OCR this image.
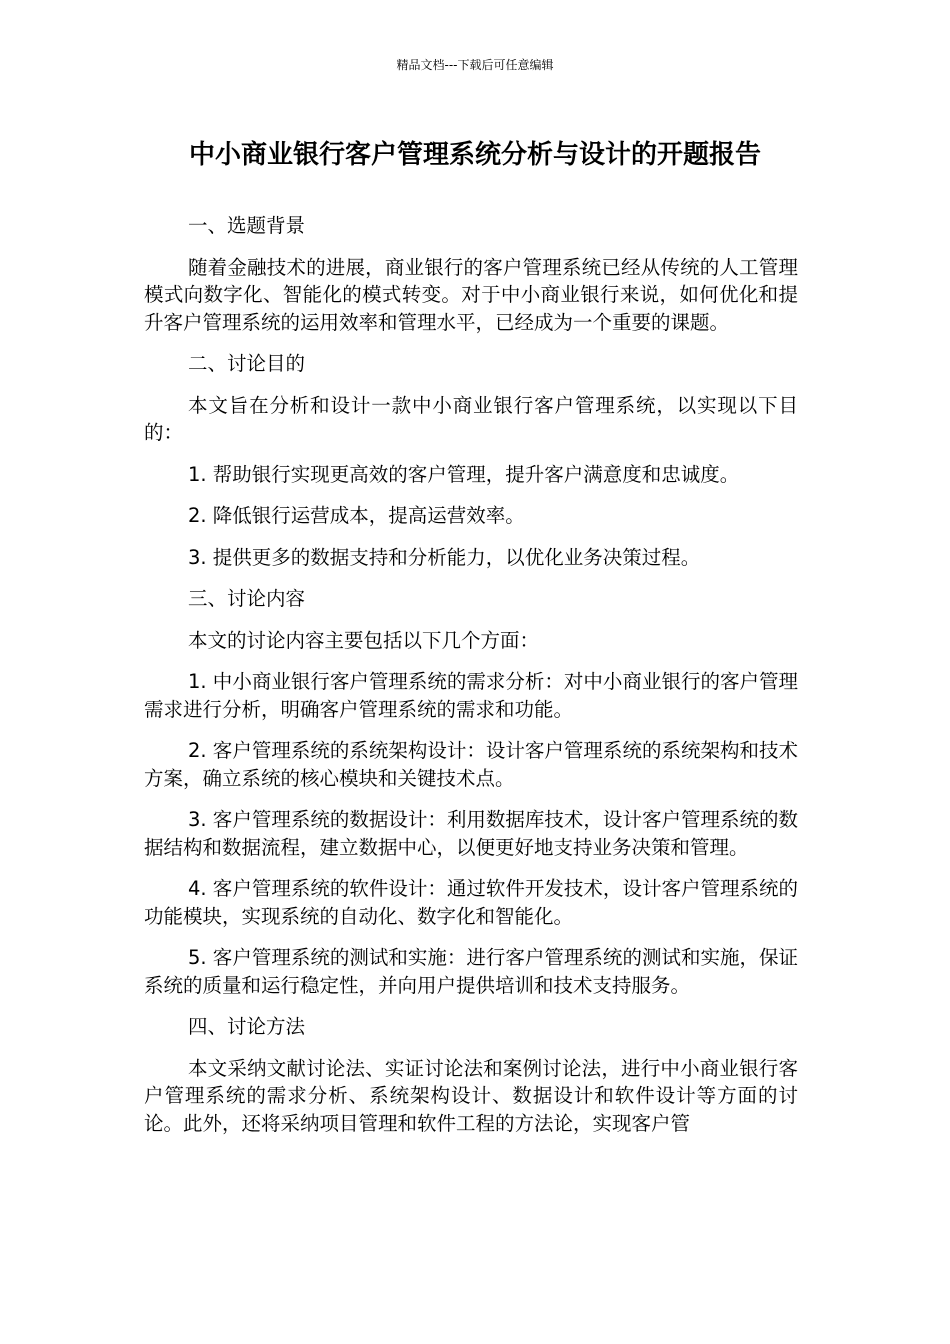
精品文档---下载后可任意编辑
中小商业银行客户管理系统分析与设计的开题报告

一、选题背景

随着金融技术的进展，商业银行的客户管理系统已经从传统的人工管理模式向数字化、智能化的模式转变。对于中小商业银行来说，如何优化和提升客户管理系统的运用效率和管理水平，已经成为一个重要的课题。

二、讨论目的

本文旨在分析和设计一款中小商业银行客户管理系统，以实现以下目的：

1. 帮助银行实现更高效的客户管理，提升客户满意度和忠诚度。

2. 降低银行运营成本，提高运营效率。

3. 提供更多的数据支持和分析能力，以优化业务决策过程。

三、讨论内容

本文的讨论内容主要包括以下几个方面：

1. 中小商业银行客户管理系统的需求分析：对中小商业银行的客户管理需求进行分析，明确客户管理系统的需求和功能。

2. 客户管理系统的系统架构设计：设计客户管理系统的系统架构和技术方案，确立系统的核心模块和关键技术点。

3. 客户管理系统的数据设计：利用数据库技术，设计客户管理系统的数据结构和数据流程，建立数据中心，以便更好地支持业务决策和管理。

4. 客户管理系统的软件设计：通过软件开发技术，设计客户管理系统的功能模块，实现系统的自动化、数字化和智能化。

5. 客户管理系统的测试和实施：进行客户管理系统的测试和实施，保证系统的质量和运行稳定性，并向用户提供培训和技术支持服务。

四、讨论方法

本文采纳文献讨论法、实证讨论法和案例讨论法，进行中小商业银行客户管理系统的需求分析、系统架构设计、数据设计和软件设计等方面的讨论。此外，还将采纳项目管理和软件工程的方法论，实现客户管
